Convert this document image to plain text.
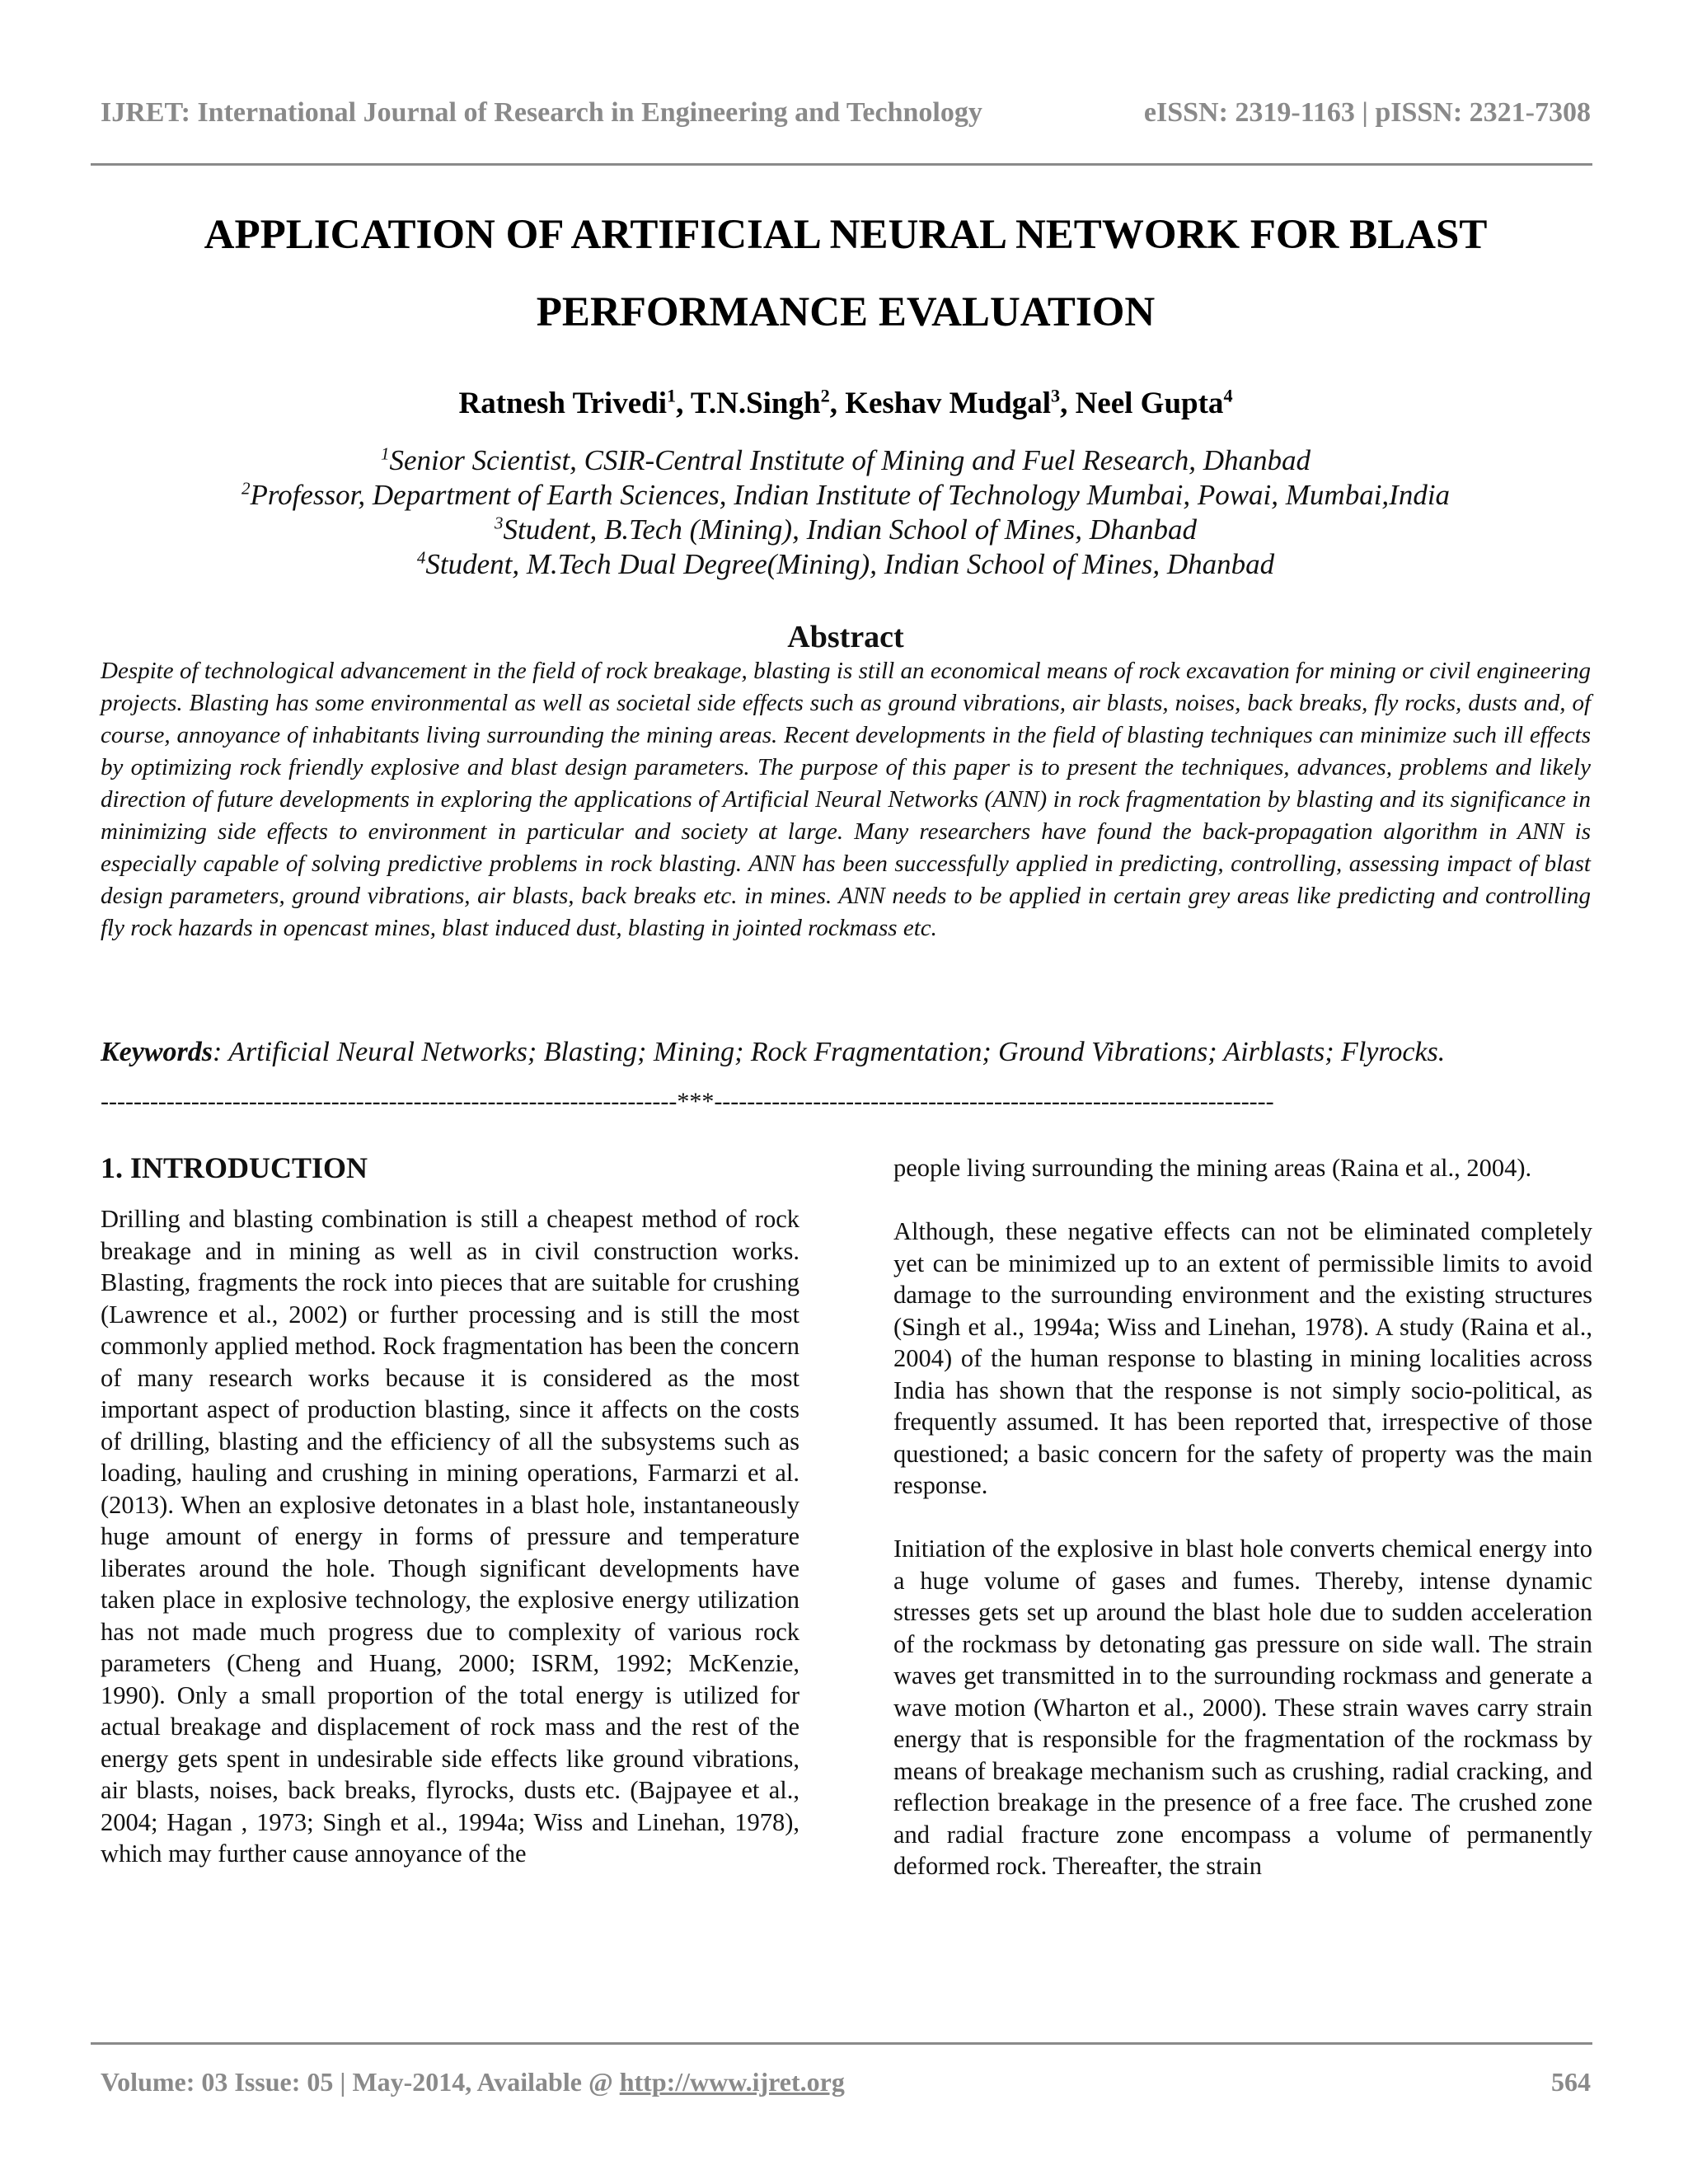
IJRET: International Journal of Research in Engineering and Technology	eISSN: 2319-1163 | pISSN: 2321-7308
APPLICATION OF ARTIFICIAL NEURAL NETWORK FOR BLAST
PERFORMANCE EVALUATION
Ratnesh Trivedi$^1$, T.N.Singh$^2$, Keshav Mudgal$^3$, Neel Gupta$^4$
$^1$Senior Scientist, CSIR-Central Institute of Mining and Fuel Research, Dhanbad
$^2$Professor, Department of Earth Sciences, Indian Institute of Technology Mumbai, Powai, Mumbai,India
$^3$Student, B.Tech (Mining), Indian School of Mines, Dhanbad
$^4$Student, M.Tech Dual Degree(Mining), Indian School of Mines, Dhanbad
Abstract
Despite of technological advancement in the field of rock breakage, blasting is still an economical means of rock excavation for mining or civil engineering projects. Blasting has some environmental as well as societal side effects such as ground vibrations, air blasts, noises, back breaks, fly rocks, dusts and, of course, annoyance of inhabitants living surrounding the mining areas. Recent developments in the field of blasting techniques can minimize such ill effects by optimizing rock friendly explosive and blast design parameters. The purpose of this paper is to present the techniques, advances, problems and likely direction of future developments in exploring the applications of Artificial Neural Networks (ANN) in rock fragmentation by blasting and its significance in minimizing side effects to environment in particular and society at large. Many researchers have found the back-propagation algorithm in ANN is especially capable of solving predictive problems in rock blasting. ANN has been successfully applied in predicting, controlling, assessing impact of blast design parameters, ground vibrations, air blasts, back breaks etc. in mines. ANN needs to be applied in certain grey areas like predicting and controlling fly rock hazards in opencast mines, blast induced dust, blasting in jointed rockmass etc.
Keywords: Artificial Neural Networks; Blasting; Mining; Rock Fragmentation; Ground Vibrations; Airblasts; Flyrocks.
----------------------------------------------------------------------***--------------------------------------------------------------------
1. INTRODUCTION

Drilling and blasting combination is still a cheapest method of rock breakage and in mining as well as in civil construction works. Blasting, fragments the rock into pieces that are suitable for crushing (Lawrence et al., 2002) or further processing and is still the most commonly applied method. Rock fragmentation has been the concern of many research works because it is considered as the most important aspect of production blasting, since it affects on the costs of drilling, blasting and the efficiency of all the subsystems such as loading, hauling and crushing in mining operations, Farmarzi et al.(2013). When an explosive detonates in a blast hole, instantaneously huge amount of energy in forms of pressure and temperature liberates around the hole. Though significant developments have taken place in explosive technology, the explosive energy utilization has not made much progress due to complexity of various rock parameters (Cheng and Huang, 2000; ISRM, 1992; McKenzie, 1990). Only a small proportion of the total energy is utilized for actual breakage and displacement of rock mass and the rest of the energy gets spent in undesirable side effects like ground vibrations, air blasts, noises, back breaks, flyrocks, dusts etc. (Bajpayee et al., 2004; Hagan , 1973; Singh et al., 1994a; Wiss and Linehan, 1978), which may further cause annoyance of the

people living surrounding the mining areas (Raina et al., 2004).

Although, these negative effects can not be eliminated completely yet can be minimized up to an extent of permissible limits to avoid damage to the surrounding environment and the existing structures (Singh et al., 1994a; Wiss and Linehan, 1978). A study (Raina et al., 2004) of the human response to blasting in mining localities across India has shown that the response is not simply socio-political, as frequently assumed. It has been reported that, irrespective of those questioned; a basic concern for the safety of property was the main response.

Initiation of the explosive in blast hole converts chemical energy into a huge volume of gases and fumes. Thereby, intense dynamic stresses gets set up around the blast hole due to sudden acceleration of the rockmass by detonating gas pressure on side wall. The strain waves get transmitted in to the surrounding rockmass and generate a wave motion (Wharton et al., 2000). These strain waves carry strain energy that is responsible for the fragmentation of the rockmass by means of breakage mechanism such as crushing, radial cracking, and reflection breakage in the presence of a free face. The crushed zone and radial fracture zone encompass a volume of permanently deformed rock. Thereafter, the strain

Volume: 03 Issue: 05 | May-2014, Available @ http://www.ijret.org	564
